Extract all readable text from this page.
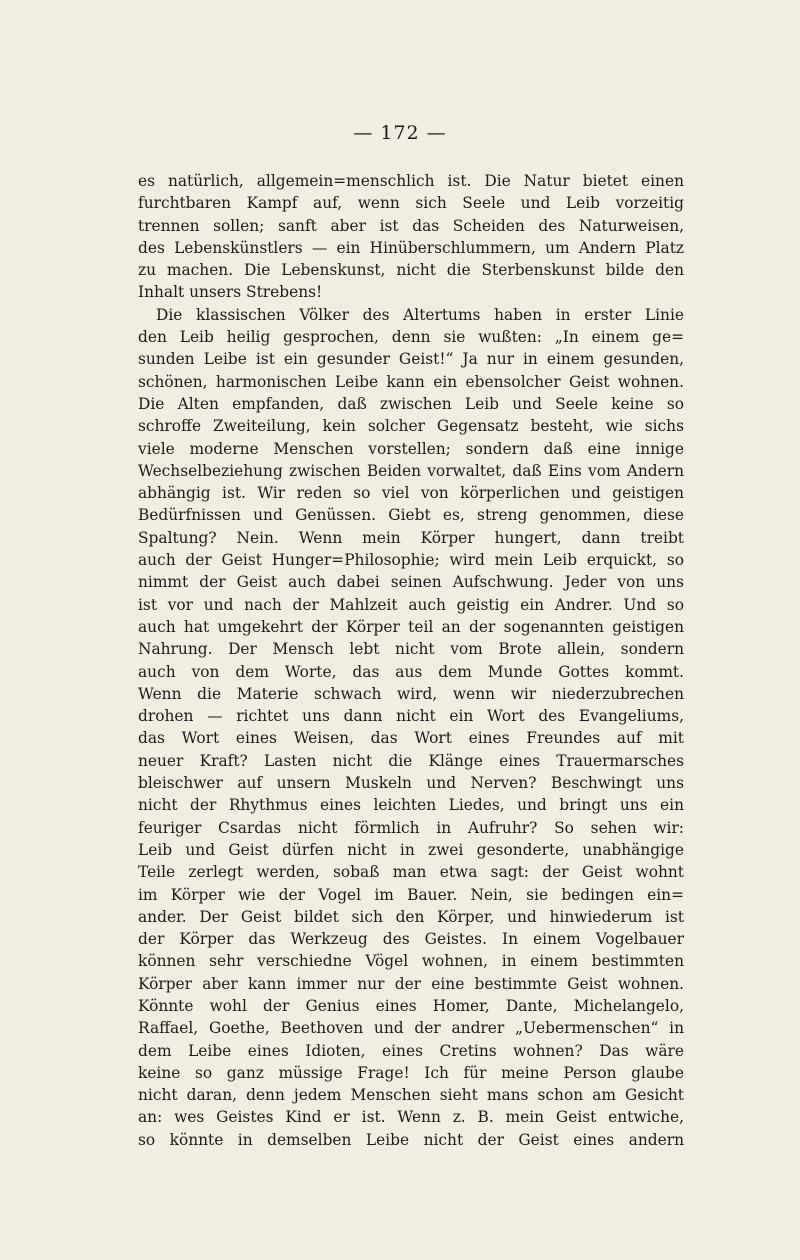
— 172 —
es natürlich, allgemein=menschlich ist. Die Natur bietet einen
furchtbaren Kampf auf, wenn sich Seele und Leib vorzeitig
trennen sollen; sanft aber ist das Scheiden des Naturweisen,
des Lebenskünstlers — ein Hinüberschlummern, um Andern Platz
zu machen. Die Lebenskunst, nicht die Sterbenskunst bilde den
Inhalt unsers Strebens!
Die klassischen Völker des Altertums haben in erster Linie
den Leib heilig gesprochen, denn sie wußten: „In einem ge=
sunden Leibe ist ein gesunder Geist!“ Ja nur in einem gesunden,
schönen, harmonischen Leibe kann ein ebensolcher Geist wohnen.
Die Alten empfanden, daß zwischen Leib und Seele keine so
schroffe Zweiteilung, kein solcher Gegensatz besteht, wie sichs
viele moderne Menschen vorstellen; sondern daß eine innige
Wechselbeziehung zwischen Beiden vorwaltet, daß Eins vom Andern
abhängig ist. Wir reden so viel von körperlichen und geistigen
Bedürfnissen und Genüssen. Giebt es, streng genommen, diese
Spaltung? Nein. Wenn mein Körper hungert, dann treibt
auch der Geist Hunger=Philosophie; wird mein Leib erquickt, so
nimmt der Geist auch dabei seinen Aufschwung. Jeder von uns
ist vor und nach der Mahlzeit auch geistig ein Andrer. Und so
auch hat umgekehrt der Körper teil an der sogenannten geistigen
Nahrung. Der Mensch lebt nicht vom Brote allein, sondern
auch von dem Worte, das aus dem Munde Gottes kommt.
Wenn die Materie schwach wird, wenn wir niederzubrechen
drohen — richtet uns dann nicht ein Wort des Evangeliums,
das Wort eines Weisen, das Wort eines Freundes auf mit
neuer Kraft? Lasten nicht die Klänge eines Trauermarsches
bleischwer auf unsern Muskeln und Nerven? Beschwingt uns
nicht der Rhythmus eines leichten Liedes, und bringt uns ein
feuriger Csardas nicht förmlich in Aufruhr? So sehen wir:
Leib und Geist dürfen nicht in zwei gesonderte, unabhängige
Teile zerlegt werden, sobaß man etwa sagt: der Geist wohnt
im Körper wie der Vogel im Bauer. Nein, sie bedingen ein=
ander. Der Geist bildet sich den Körper, und hinwiederum ist
der Körper das Werkzeug des Geistes. In einem Vogelbauer
können sehr verschiedne Vögel wohnen, in einem bestimmten
Körper aber kann immer nur der eine bestimmte Geist wohnen.
Könnte wohl der Genius eines Homer, Dante, Michelangelo,
Raffael, Goethe, Beethoven und der andrer „Uebermenschen“ in
dem Leibe eines Idioten, eines Cretins wohnen? Das wäre
keine so ganz müssige Frage! Ich für meine Person glaube
nicht daran, denn jedem Menschen sieht mans schon am Gesicht
an: wes Geistes Kind er ist. Wenn z. B. mein Geist entwiche,
so könnte in demselben Leibe nicht der Geist eines andern
